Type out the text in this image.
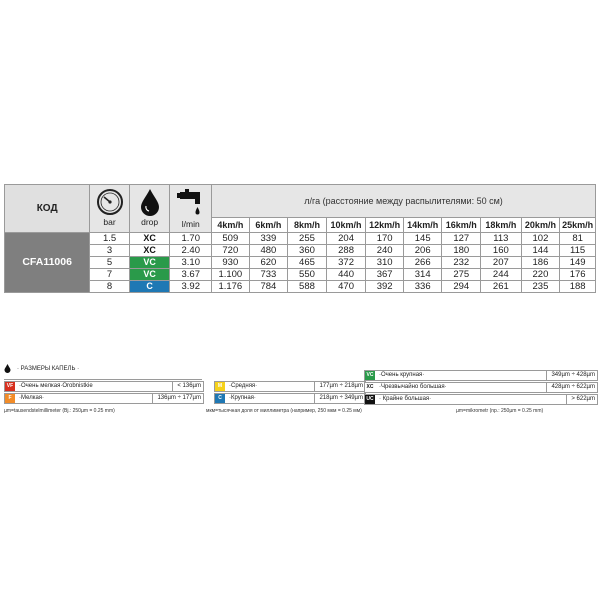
КОД	bar	drop	l/min	л/га (расстояние между распылителями: 50 см)									
				4km/h	6km/h	8km/h	10km/h	12km/h	14km/h	16km/h	18km/h	20km/h	25km/h
CFA11006	1.5	XC	1.70	509	339	255	204	170	145	127	113	102	81
	3	XC	2.40	720	480	360	288	240	206	180	160	144	115
	5	VC	3.10	930	620	465	372	310	266	232	207	186	149
	7	VC	3.67	1.100	733	550	440	367	314	275	244	220	176
	8	C	3.92	1.176	784	588	470	392	336	294	261	235	188
· РАЗМЕРЫ КАПЕЛЬ ·
VF ·Очень мелкая·Orobnistkie	< 136µm
F	·Мелкая·	136µm ÷ 177µm
M	·Средняя·	177µm ÷ 218µm
C	·Крупная·	218µm ÷ 349µm
VC ·Очень крупная·	349µm ÷ 428µm
XC ·Чрезвычайно большая·	428µm ÷ 622µm
UC · Крайне большая·	> 622µm
µm=tausendstelmillimeter (Bj.: 250µm = 0.25 mm)	мкм=тысячная доля от миллиметра (например, 250 мкм = 0.25 мм)	µm=mikrometr (np.: 250µm = 0.25 mm)
